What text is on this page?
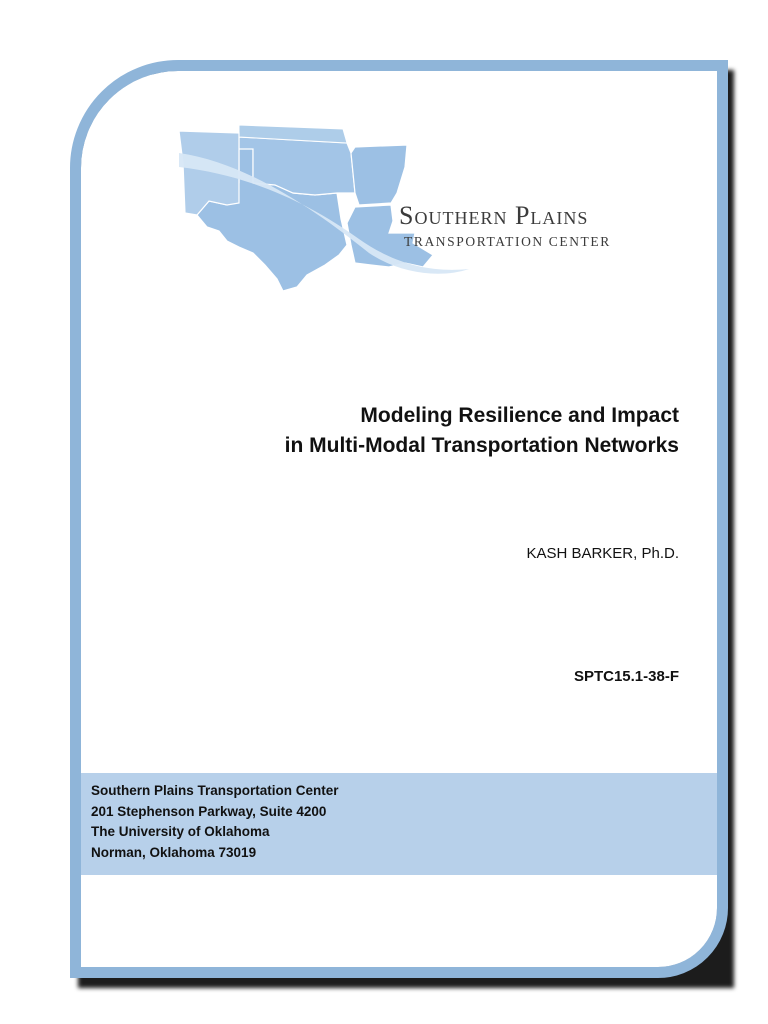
Southern Plains
TRANSPORTATION CENTER
Modeling Resilience and Impact
in Multi-Modal Transportation Networks
KASH BARKER, Ph.D.
SPTC15.1-38-F
Southern Plains Transportation Center
201 Stephenson Parkway, Suite 4200
The University of Oklahoma
Norman, Oklahoma 73019
